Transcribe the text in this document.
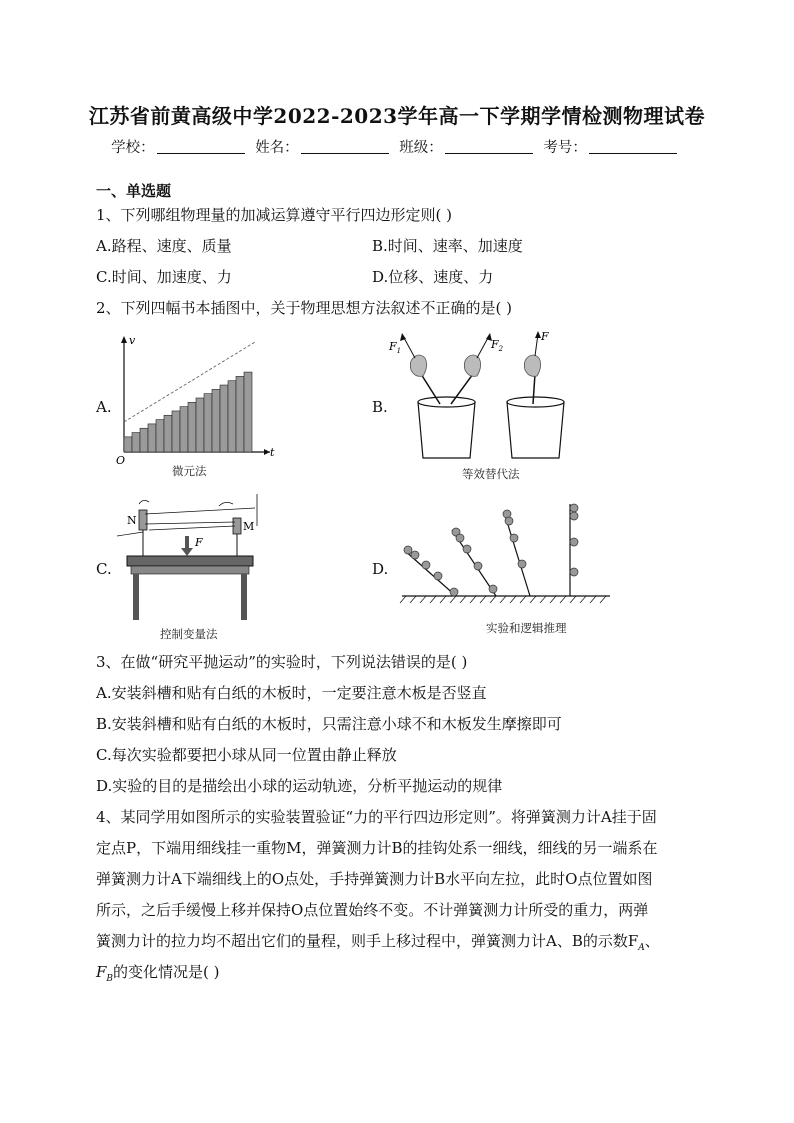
江苏省前黄高级中学2022-2023学年高一下学期学情检测物理试卷
学校：	姓名：	班级：	考号：
一、单选题
1、下列哪组物理量的加减运算遵守平行四边形定则( )
A.路程、速度、质量	B.时间、速率、加速度
C.时间、加速度、力	D.位移、速度、力
2、下列四幅书本插图中，关于物理思想方法叙述不正确的是( )
A.	B.
C.	D.
v
t
O
微元法
$F_1$	$F_2$
F
等效替代法
F
N	M
控制变量法	实验和逻辑推理
3、在做“研究平抛运动”的实验时，下列说法错误的是( )
A.安装斜槽和贴有白纸的木板时，一定要注意木板是否竖直
B.安装斜槽和贴有白纸的木板时，只需注意小球不和木板发生摩擦即可
C.每次实验都要把小球从同一位置由静止释放
D.实验的目的是描绘出小球的运动轨迹，分析平抛运动的规律
4、某同学用如图所示的实验装置验证“力的平行四边形定则”。将弹簧测力计A挂于固
定点P，下端用细线挂一重物M，弹簧测力计B的挂钩处系一细线，细线的另一端系在
弹簧测力计A下端细线上的O点处，手持弹簧测力计B水平向左拉，此时O点位置如图
所示，之后手缓慢上移并保持O点位置始终不变。不计弹簧测力计所受的重力，两弹
簧测力计的拉力均不超出它们的量程，则手上移过程中，弹簧测力计A、B的示数$F_A$、
$F_B$的变化情况是( )
